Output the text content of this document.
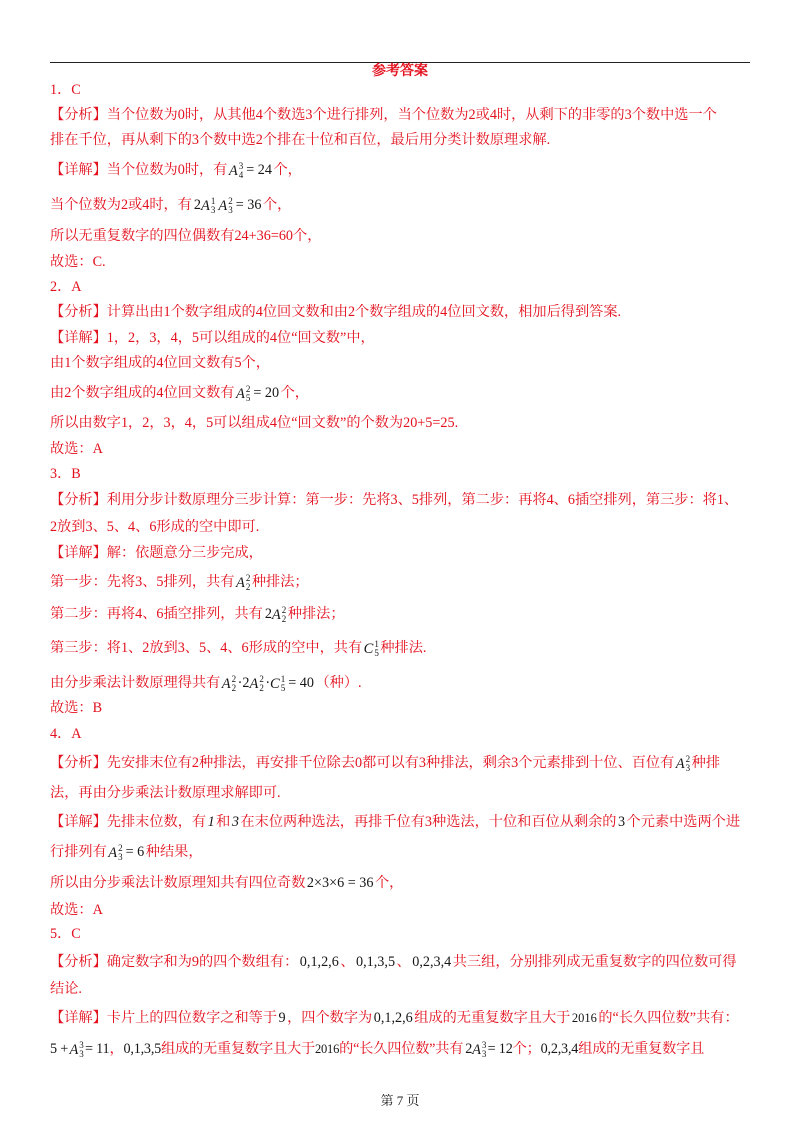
参考答案
1．C
【分析】当个位数为0时，从其他4个数选3个进行排列，当个位数为2或4时，从剩下的非零的3个数中选一个
排在千位，再从剩下的3个数中选2个排在十位和百位，最后用分类计数原理求解.
【详解】当个位数为0时，有 A 3
4 = 24 个，
当个位数为2或4时，有 2 A 1
3 A 2
3 = 36 个，
所以无重复数字的四位偶数有24+36=60个，
故选：C.
2．A
【分析】计算出由1个数字组成的4位回文数和由2个数字组成的4位回文数，相加后得到答案.
【详解】1，2，3，4，5可以组成的4位“回文数”中，
由1个数字组成的4位回文数有5个，
由2个数字组成的4位回文数有 A 2
5 = 20 个，
所以由数字1，2，3，4，5可以组成4位“回文数”的个数为20+5=25.
故选：A
3．B
【分析】利用分步计数原理分三步计算：第一步：先将3、5排列，第二步：再将4、6插空排列，第三步：将1、
2放到3、5、4、6形成的空中即可.
【详解】解：依题意分三步完成，
第一步：先将3、5排列，共有 A 2
2 种排法；
第二步：再将4、6插空排列，共有 2 A 2
2 种排法；
第三步：将1、2放到3、5、4、6形成的空中，共有 C 1
5 种排法.
由分步乘法计数原理得共有 A 2
2 ·2 A 2
2 · C 1
5 = 40 （种）.
故选：B
4．A
【分析】先安排末位有2种排法，再安排千位除去0都可以有3种排法，剩余3个元素排到十位、百位有 A 2
3 种排
法，再由分步乘法计数原理求解即可.
【详解】先排末位数，有 1 和 3 在末位两种选法，再排千位有3种选法，十位和百位从剩余的 3 个元素中选两个进
行排列有 A 2
3 = 6 种结果，
所以由分步乘法计数原理知共有四位奇数 2×3×6 = 36 个，
故选：A
5．C
【分析】确定数字和为9的四个数组有： 0,1,2,6 、 0,1,3,5 、 0,2,3,4 共三组，分别排列成无重复数字的四位数可得
结论.
【详解】卡片上的四位数字之和等于 9 ，四个数字为 0,1,2,6 组成的无重复数字且大于 2016 的“长久四位数”共有：
5 + A 3
3 = 11，0,1,3,5组成的无重复数字且大于2016的“长久四位数”共有 2 A 3
3 = 12个；0,2,3,4组成的无重复数字且
第 7 页
